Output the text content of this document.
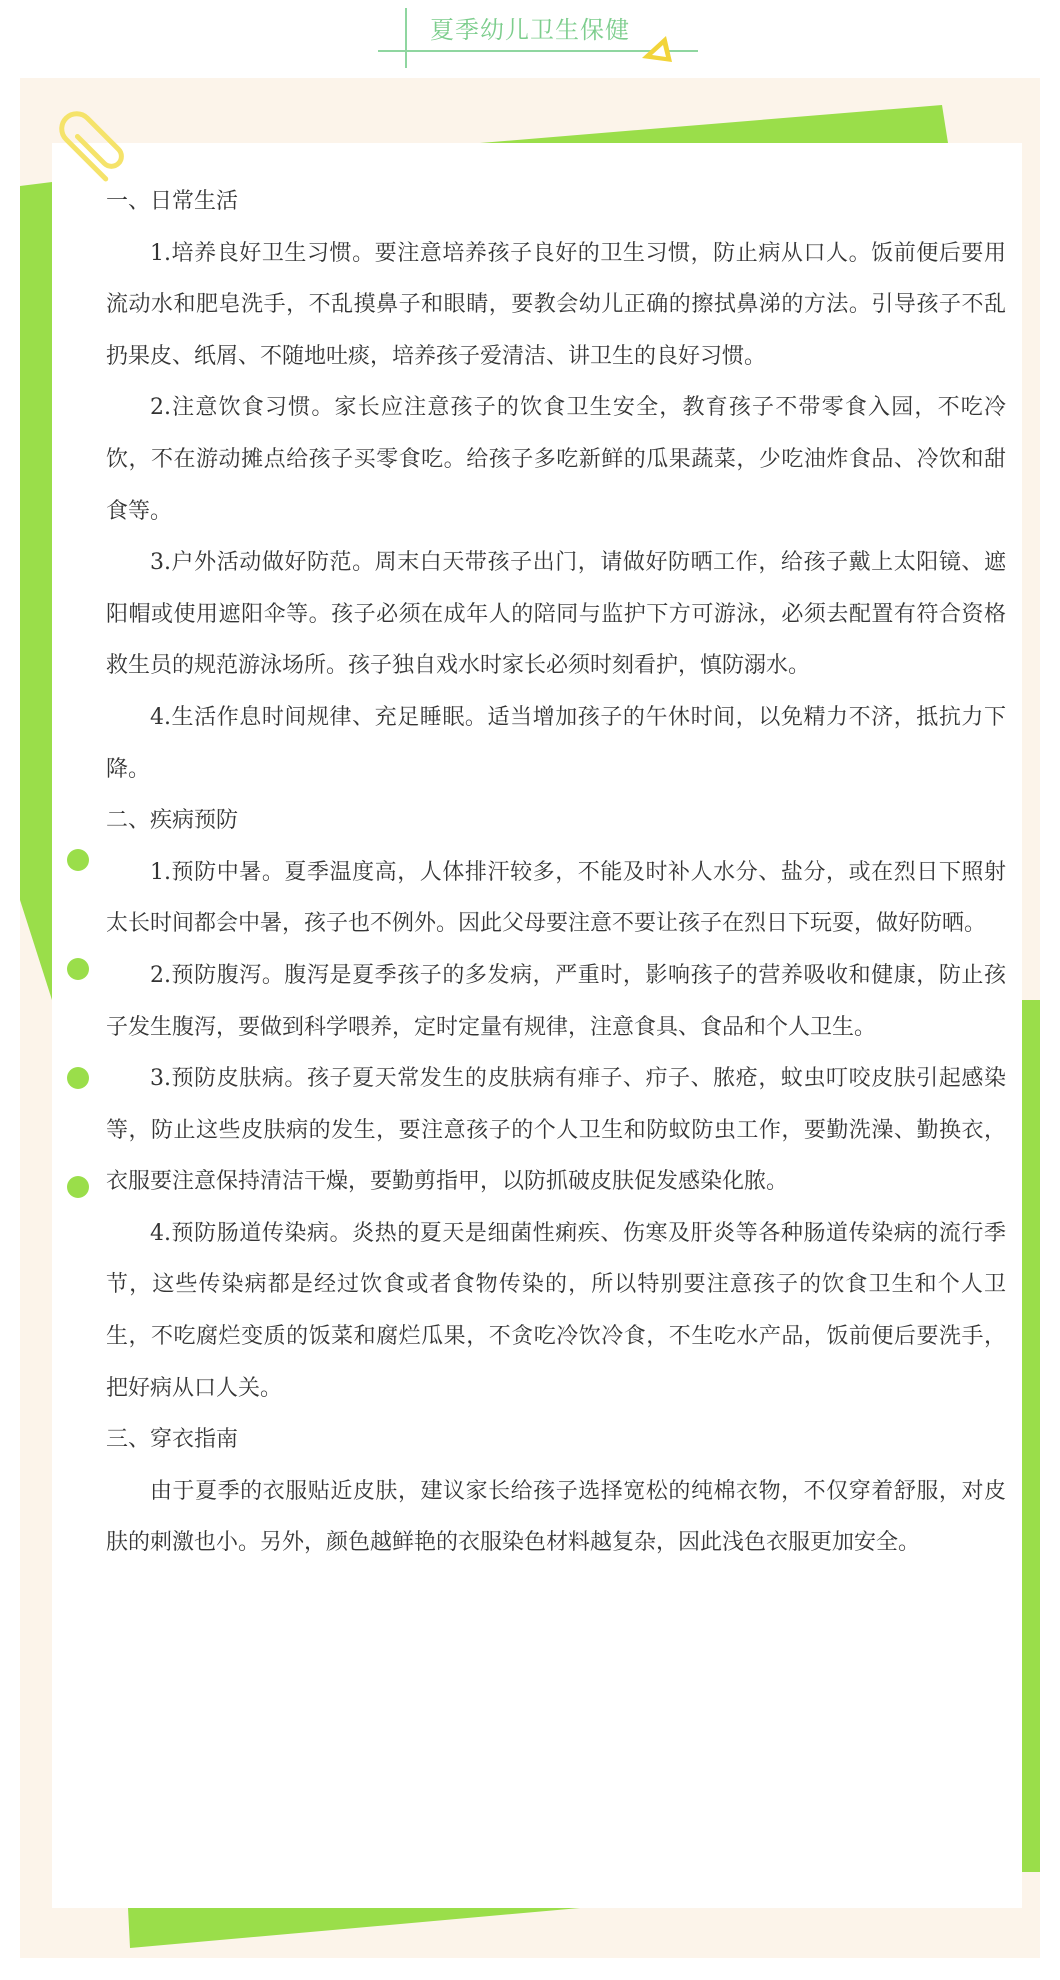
夏季幼儿卫生保健

一、日常生活

1.培养良好卫生习惯。要注意培养孩子良好的卫生习惯，防止病从口人。饭前便后要用流动水和肥皂洗手，不乱摸鼻子和眼睛，要教会幼儿正确的擦拭鼻涕的方法。引导孩子不乱扔果皮、纸屑、不随地吐痰，培养孩子爱清洁、讲卫生的良好习惯。

2.注意饮食习惯。家长应注意孩子的饮食卫生安全，教育孩子不带零食入园，不吃冷饮，不在游动摊点给孩子买零食吃。给孩子多吃新鲜的瓜果蔬菜，少吃油炸食品、冷饮和甜食等。

3.户外活动做好防范。周末白天带孩子出门，请做好防晒工作，给孩子戴上太阳镜、遮阳帽或使用遮阳伞等。孩子必须在成年人的陪同与监护下方可游泳，必须去配置有符合资格救生员的规范游泳场所。孩子独自戏水时家长必须时刻看护，慎防溺水。

4.生活作息时间规律、充足睡眠。适当增加孩子的午休时间，以免精力不济，抵抗力下降。

二、疾病预防

1.预防中暑。夏季温度高，人体排汗较多，不能及时补人水分、盐分，或在烈日下照射太长时间都会中暑，孩子也不例外。因此父母要注意不要让孩子在烈日下玩耍，做好防晒。

2.预防腹泻。腹泻是夏季孩子的多发病，严重时，影响孩子的营养吸收和健康，防止孩子发生腹泻，要做到科学喂养，定时定量有规律，注意食具、食品和个人卫生。

3.预防皮肤病。孩子夏天常发生的皮肤病有痱子、疖子、脓疮，蚊虫叮咬皮肤引起感染等，防止这些皮肤病的发生，要注意孩子的个人卫生和防蚊防虫工作，要勤洗澡、勤换衣，衣服要注意保持清洁干燥，要勤剪指甲，以防抓破皮肤促发感染化脓。

4.预防肠道传染病。炎热的夏天是细菌性痢疾、伤寒及肝炎等各种肠道传染病的流行季节，这些传染病都是经过饮食或者食物传染的，所以特别要注意孩子的饮食卫生和个人卫生，不吃腐烂变质的饭菜和腐烂瓜果，不贪吃冷饮冷食，不生吃水产品，饭前便后要洗手，把好病从口人关。

三、穿衣指南

由于夏季的衣服贴近皮肤，建议家长给孩子选择宽松的纯棉衣物，不仅穿着舒服，对皮肤的刺激也小。另外，颜色越鲜艳的衣服染色材料越复杂，因此浅色衣服更加安全。
